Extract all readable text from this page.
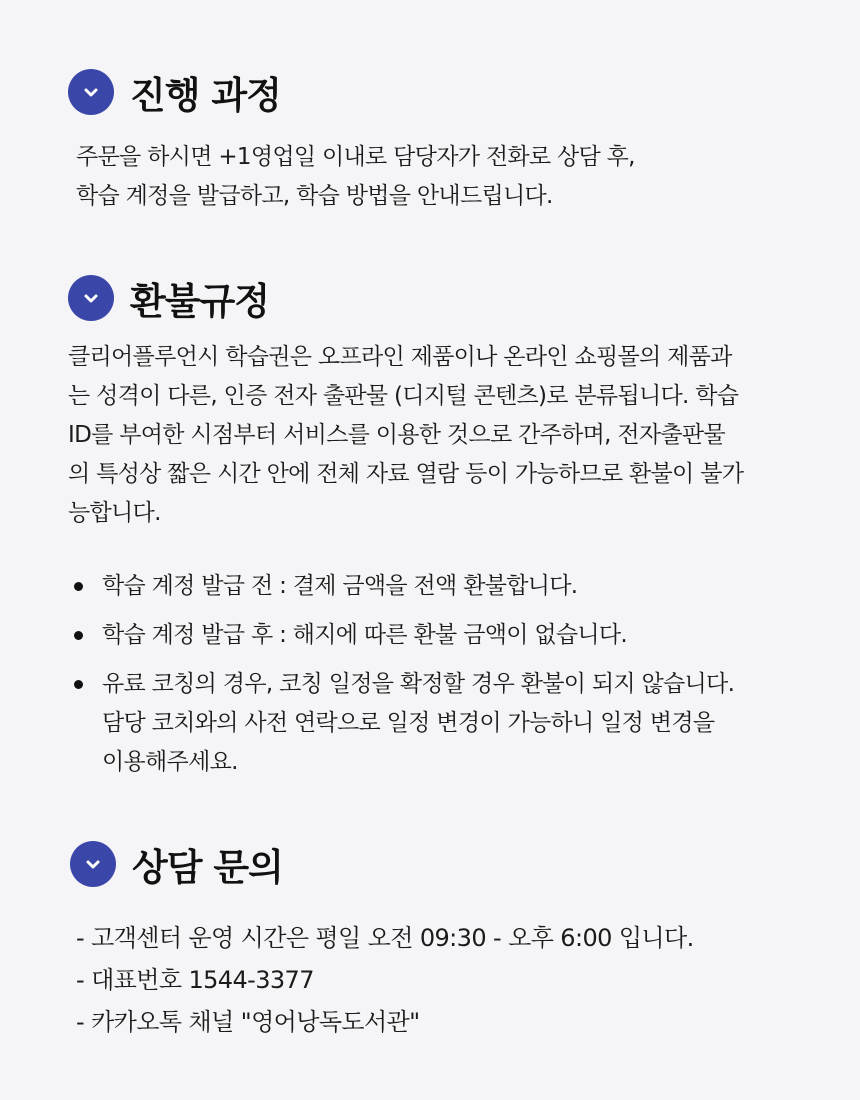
진행 과정
주문을 하시면 +1영업일 이내로 담당자가 전화로 상담 후,
학습 계정을 발급하고, 학습 방법을 안내드립니다.
환불규정
클리어플루언시 학습권은 오프라인 제품이나 온라인 쇼핑몰의 제품과
는 성격이 다른, 인증 전자 출판물 (디지털 콘텐츠)로 분류됩니다. 학습
ID를 부여한 시점부터 서비스를 이용한 것으로 간주하며, 전자출판물
의 특성상 짧은 시간 안에 전체 자료 열람 등이 가능하므로 환불이 불가
능합니다.
학습 계정 발급 전 : 결제 금액을 전액 환불합니다.
학습 계정 발급 후 : 해지에 따른 환불 금액이 없습니다.
유료 코칭의 경우, 코칭 일정을 확정할 경우 환불이 되지 않습니다.
담당 코치와의 사전 연락으로 일정 변경이 가능하니 일정 변경을
이용해주세요.
상담 문의
- 고객센터 운영 시간은 평일 오전 09:30 - 오후 6:00 입니다.
- 대표번호 1544-3377
- 카카오톡 채널 "영어낭독도서관"
